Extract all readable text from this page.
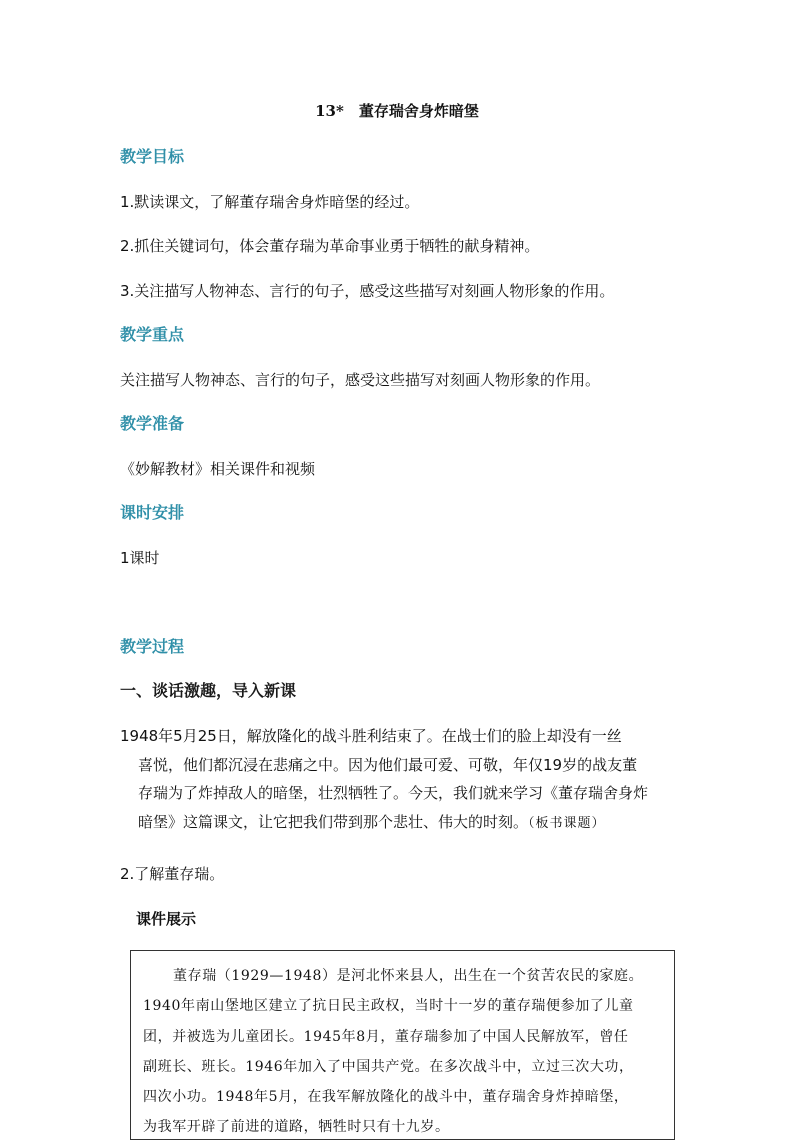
13*　董存瑞舍身炸暗堡
教学目标
1.默读课文，了解董存瑞舍身炸暗堡的经过。
2.抓住关键词句，体会董存瑞为革命事业勇于牺牲的献身精神。
3.关注描写人物神态、言行的句子，感受这些描写对刻画人物形象的作用。
教学重点
关注描写人物神态、言行的句子，感受这些描写对刻画人物形象的作用。
教学准备
《妙解教材》相关课件和视频
课时安排
1课时
教学过程
一、谈话激趣，导入新课
1948年5月25日，解放隆化的战斗胜利结束了。在战士们的脸上却没有一丝
喜悦，他们都沉浸在悲痛之中。因为他们最可爱、可敬，年仅19岁的战友董
存瑞为了炸掉敌人的暗堡，壮烈牺牲了。今天，我们就来学习《董存瑞舍身炸
暗堡》这篇课文，让它把我们带到那个悲壮、伟大的时刻。（板书课题）
2.了解董存瑞。
课件展示
董存瑞（1929—1948）是河北怀来县人，出生在一个贫苦农民的家庭。
1940年南山堡地区建立了抗日民主政权，当时十一岁的董存瑞便参加了儿童
团，并被选为儿童团长。1945年8月，董存瑞参加了中国人民解放军，曾任
副班长、班长。1946年加入了中国共产党。在多次战斗中，立过三次大功，
四次小功。1948年5月，在我军解放隆化的战斗中，董存瑞舍身炸掉暗堡，
为我军开辟了前进的道路，牺牲时只有十九岁。
